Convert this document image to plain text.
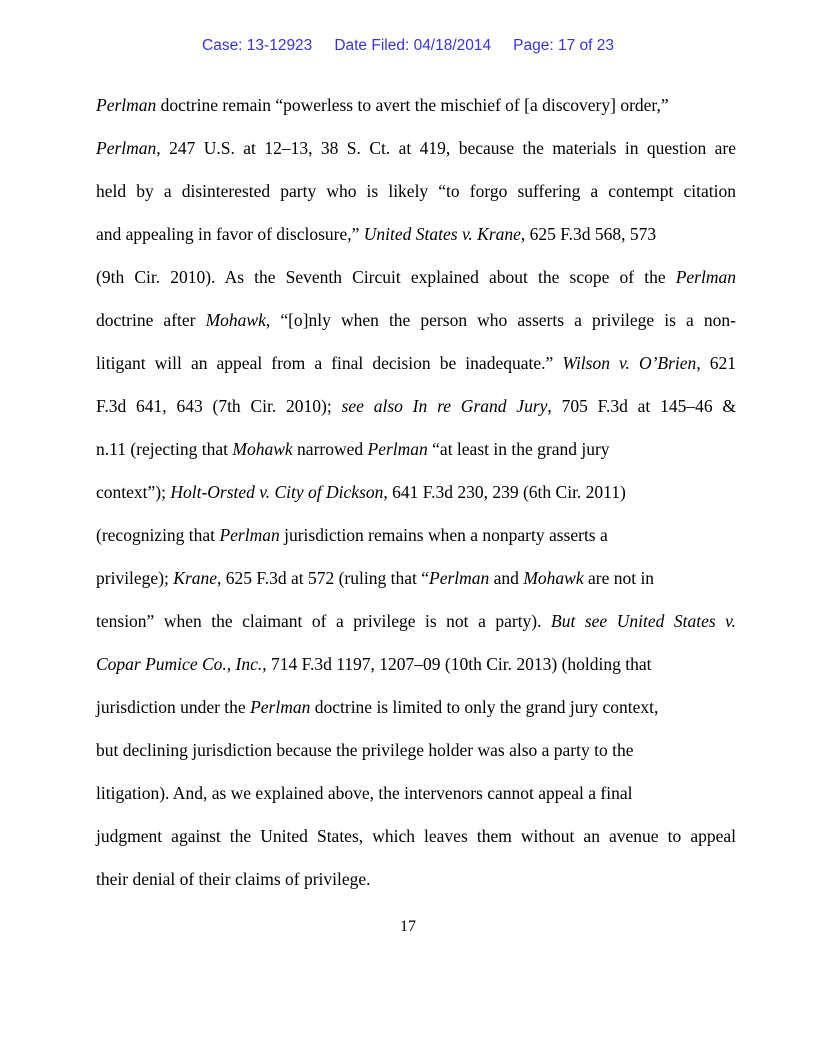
Case: 13-12923 Date Filed: 04/18/2014 Page: 17 of 23
Perlman doctrine remain “powerless to avert the mischief of [a discovery] order,”
Perlman, 247 U.S. at 12–13, 38 S. Ct. at 419, because the materials in question are
held by a disinterested party who is likely “to forgo suffering a contempt citation
and appealing in favor of disclosure,” United States v. Krane, 625 F.3d 568, 573
(9th Cir. 2010). As the Seventh Circuit explained about the scope of the Perlman
doctrine after Mohawk, “[o]nly when the person who asserts a privilege is a non-
litigant will an appeal from a final decision be inadequate.” Wilson v. O’Brien, 621
F.3d 641, 643 (7th Cir. 2010); see also In re Grand Jury, 705 F.3d at 145–46 &
n.11 (rejecting that Mohawk narrowed Perlman “at least in the grand jury
context”); Holt-Orsted v. City of Dickson, 641 F.3d 230, 239 (6th Cir. 2011)
(recognizing that Perlman jurisdiction remains when a nonparty asserts a
privilege); Krane, 625 F.3d at 572 (ruling that “Perlman and Mohawk are not in
tension” when the claimant of a privilege is not a party). But see United States v.
Copar Pumice Co., Inc., 714 F.3d 1197, 1207–09 (10th Cir. 2013) (holding that
jurisdiction under the Perlman doctrine is limited to only the grand jury context,
but declining jurisdiction because the privilege holder was also a party to the
litigation). And, as we explained above, the intervenors cannot appeal a final
judgment against the United States, which leaves them without an avenue to appeal
their denial of their claims of privilege.
17
